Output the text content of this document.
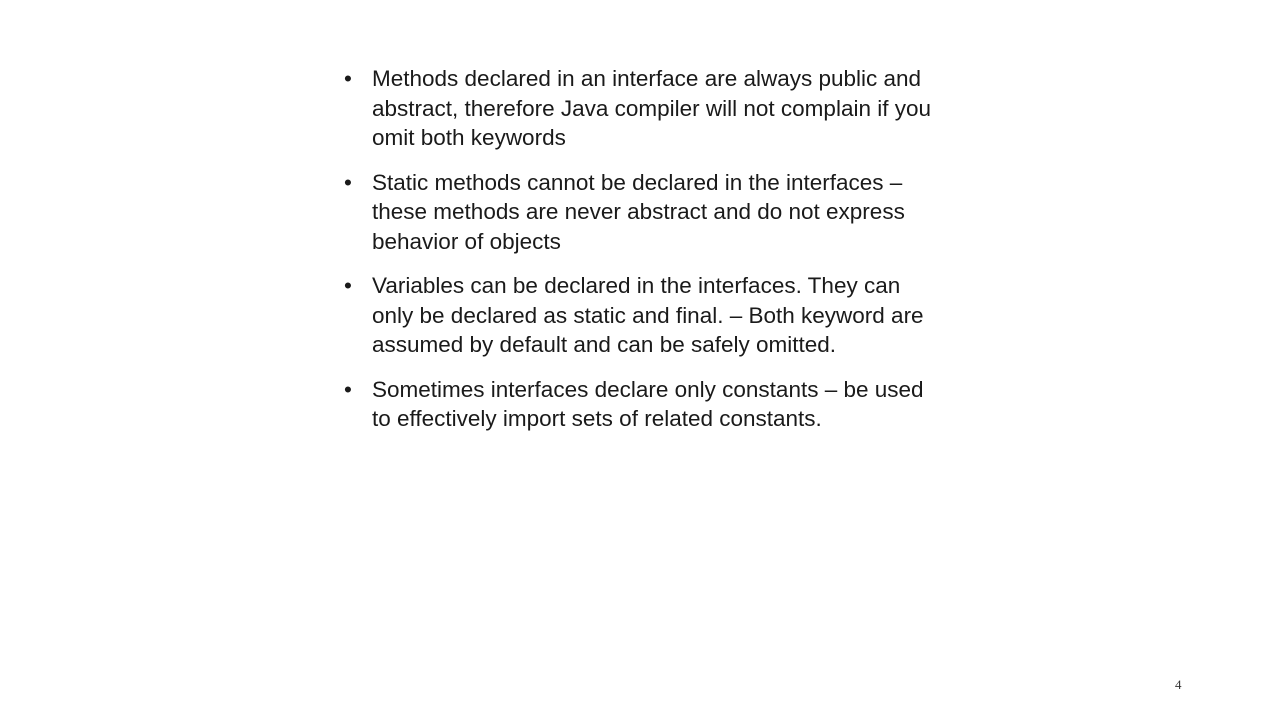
• Methods declared in an interface are always public and abstract, therefore Java compiler will not complain if you omit both keywords
• Static methods cannot be declared in the interfaces – these methods are never abstract and do not express behavior of objects
• Variables can be declared in the interfaces. They can only be declared as static and final. – Both keyword are assumed by default and can be safely omitted.
• Sometimes interfaces declare only constants – be used to effectively import sets of related constants.
4
